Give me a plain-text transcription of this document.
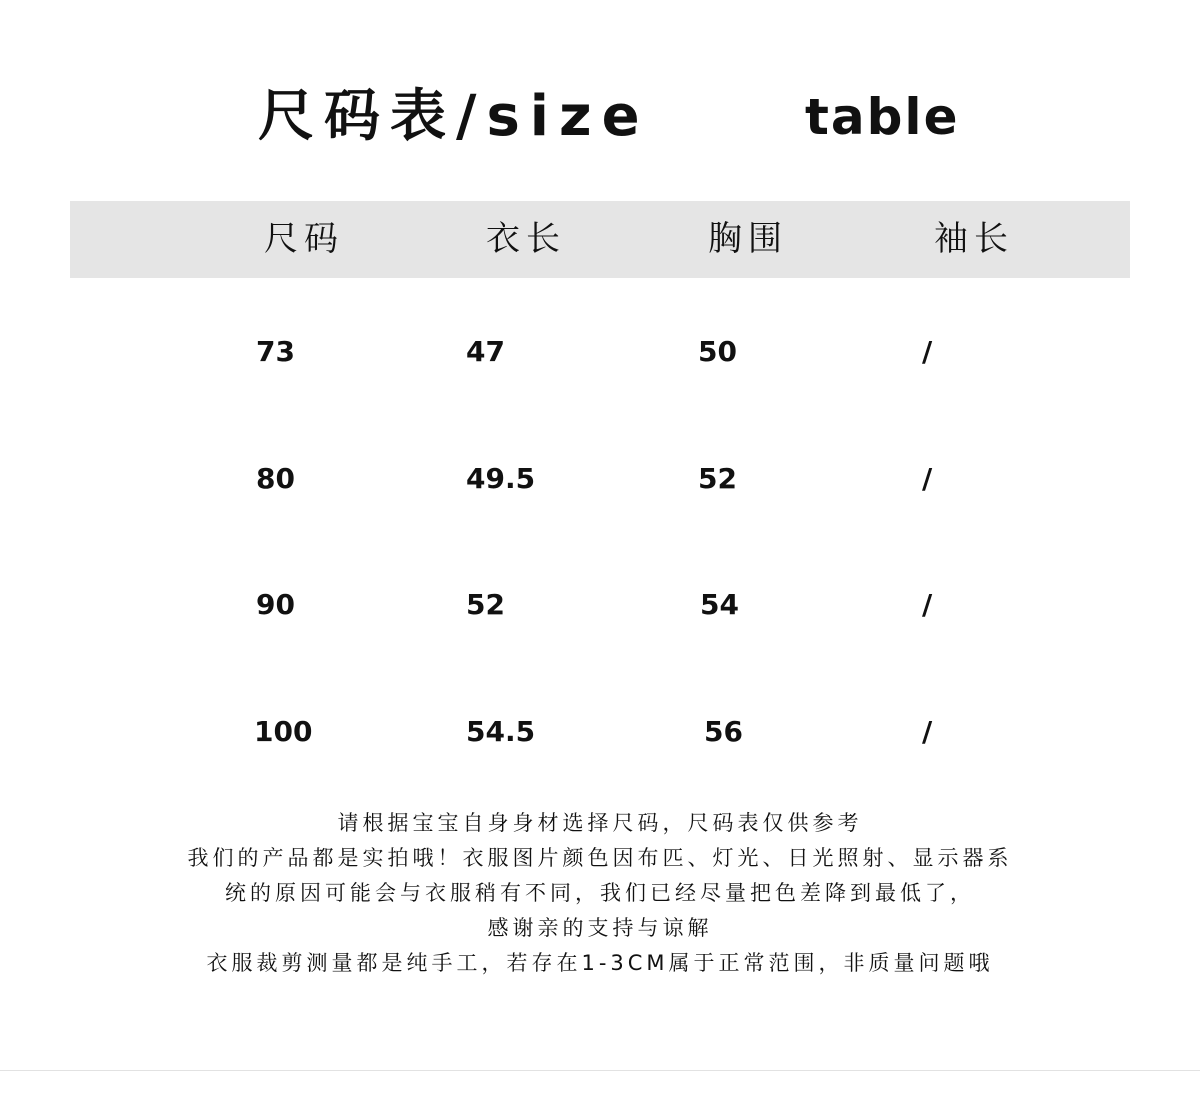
尺码表/size	table
尺码	衣长	胸围	袖长
73	47	50	/
80	49.5	52	/
90	52	54	/
100	54.5	56	/
请根据宝宝自身身材选择尺码，尺码表仅供参考
我们的产品都是实拍哦！衣服图片颜色因布匹、灯光、日光照射、显示器系
统的原因可能会与衣服稍有不同，我们已经尽量把色差降到最低了，
感谢亲的支持与谅解
衣服裁剪测量都是纯手工，若存在1-3CM属于正常范围，非质量问题哦
